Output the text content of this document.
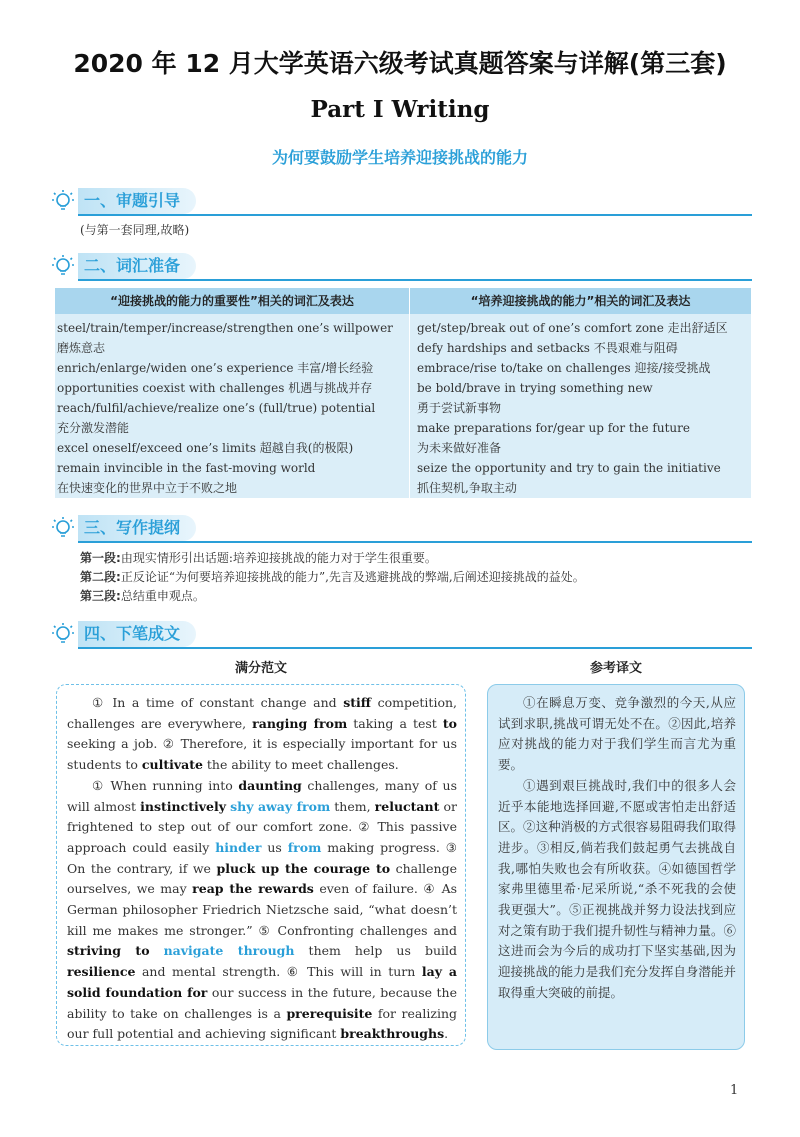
2020 年 12 月大学英语六级考试真题答案与详解(第三套)
Part I Writing
为何要鼓励学生培养迎接挑战的能力
一、审题引导
(与第一套同理,故略)
二、词汇准备
“迎接挑战的能力的重要性”相关的词汇及表达	“培养迎接挑战的能力”相关的词汇及表达
steel/train/temper/increase/strengthen one’s willpower
磨炼意志
enrich/enlarge/widen one’s experience 丰富/增长经验
opportunities coexist with challenges 机遇与挑战并存
reach/fulfil/achieve/realize one’s (full/true) potential
充分激发潜能
excel oneself/exceed one’s limits 超越自我(的极限)
remain invincible in the fast-moving world
在快速变化的世界中立于不败之地
get/step/break out of one’s comfort zone 走出舒适区
defy hardships and setbacks 不畏艰难与阻碍
embrace/rise to/take on challenges 迎接/接受挑战
be bold/brave in trying something new
勇于尝试新事物
make preparations for/gear up for the future
为未来做好准备
seize the opportunity and try to gain the initiative
抓住契机,争取主动
三、写作提纲

第一段:由现实情形引出话题:培养迎接挑战的能力对于学生很重要。

第二段:正反论证“为何要培养迎接挑战的能力”,先言及逃避挑战的弊端,后阐述迎接挑战的益处。

第三段:总结重申观点。

四、下笔成文
满分范文	参考译文

① In a time of constant change and stiff competition, challenges are everywhere, ranging from taking a test to seeking a job. ② Therefore, it is especially important for us students to cultivate the ability to meet challenges.

① When running into daunting challenges, many of us will almost instinctively shy away from them, reluctant or frightened to step out of our comfort zone. ② This passive approach could easily hinder us from making progress. ③ On the contrary, if we pluck up the courage to challenge ourselves, we may reap the rewards even of failure. ④ As German philosopher Friedrich Nietzsche said, “what doesn’t kill me makes me stronger.” ⑤ Confronting challenges and striving to navigate through them help us build resilience and mental strength. ⑥ This will in turn lay a solid foundation for our success in the future, because the ability to take on challenges is a prerequisite for realizing our full potential and achieving significant breakthroughs.

①在瞬息万变、竞争激烈的今天,从应试到求职,挑战可谓无处不在。②因此,培养应对挑战的能力对于我们学生而言尤为重要。

①遇到艰巨挑战时,我们中的很多人会近乎本能地选择回避,不愿或害怕走出舒适区。②这种消极的方式很容易阻碍我们取得进步。③相反,倘若我们鼓起勇气去挑战自我,哪怕失败也会有所收获。④如德国哲学家弗里德里希·尼采所说,“杀不死我的会使我更强大”。⑤正视挑战并努力设法找到应对之策有助于我们提升韧性与精神力量。⑥这进而会为今后的成功打下坚实基础,因为迎接挑战的能力是我们充分发挥自身潜能并取得重大突破的前提。

1
